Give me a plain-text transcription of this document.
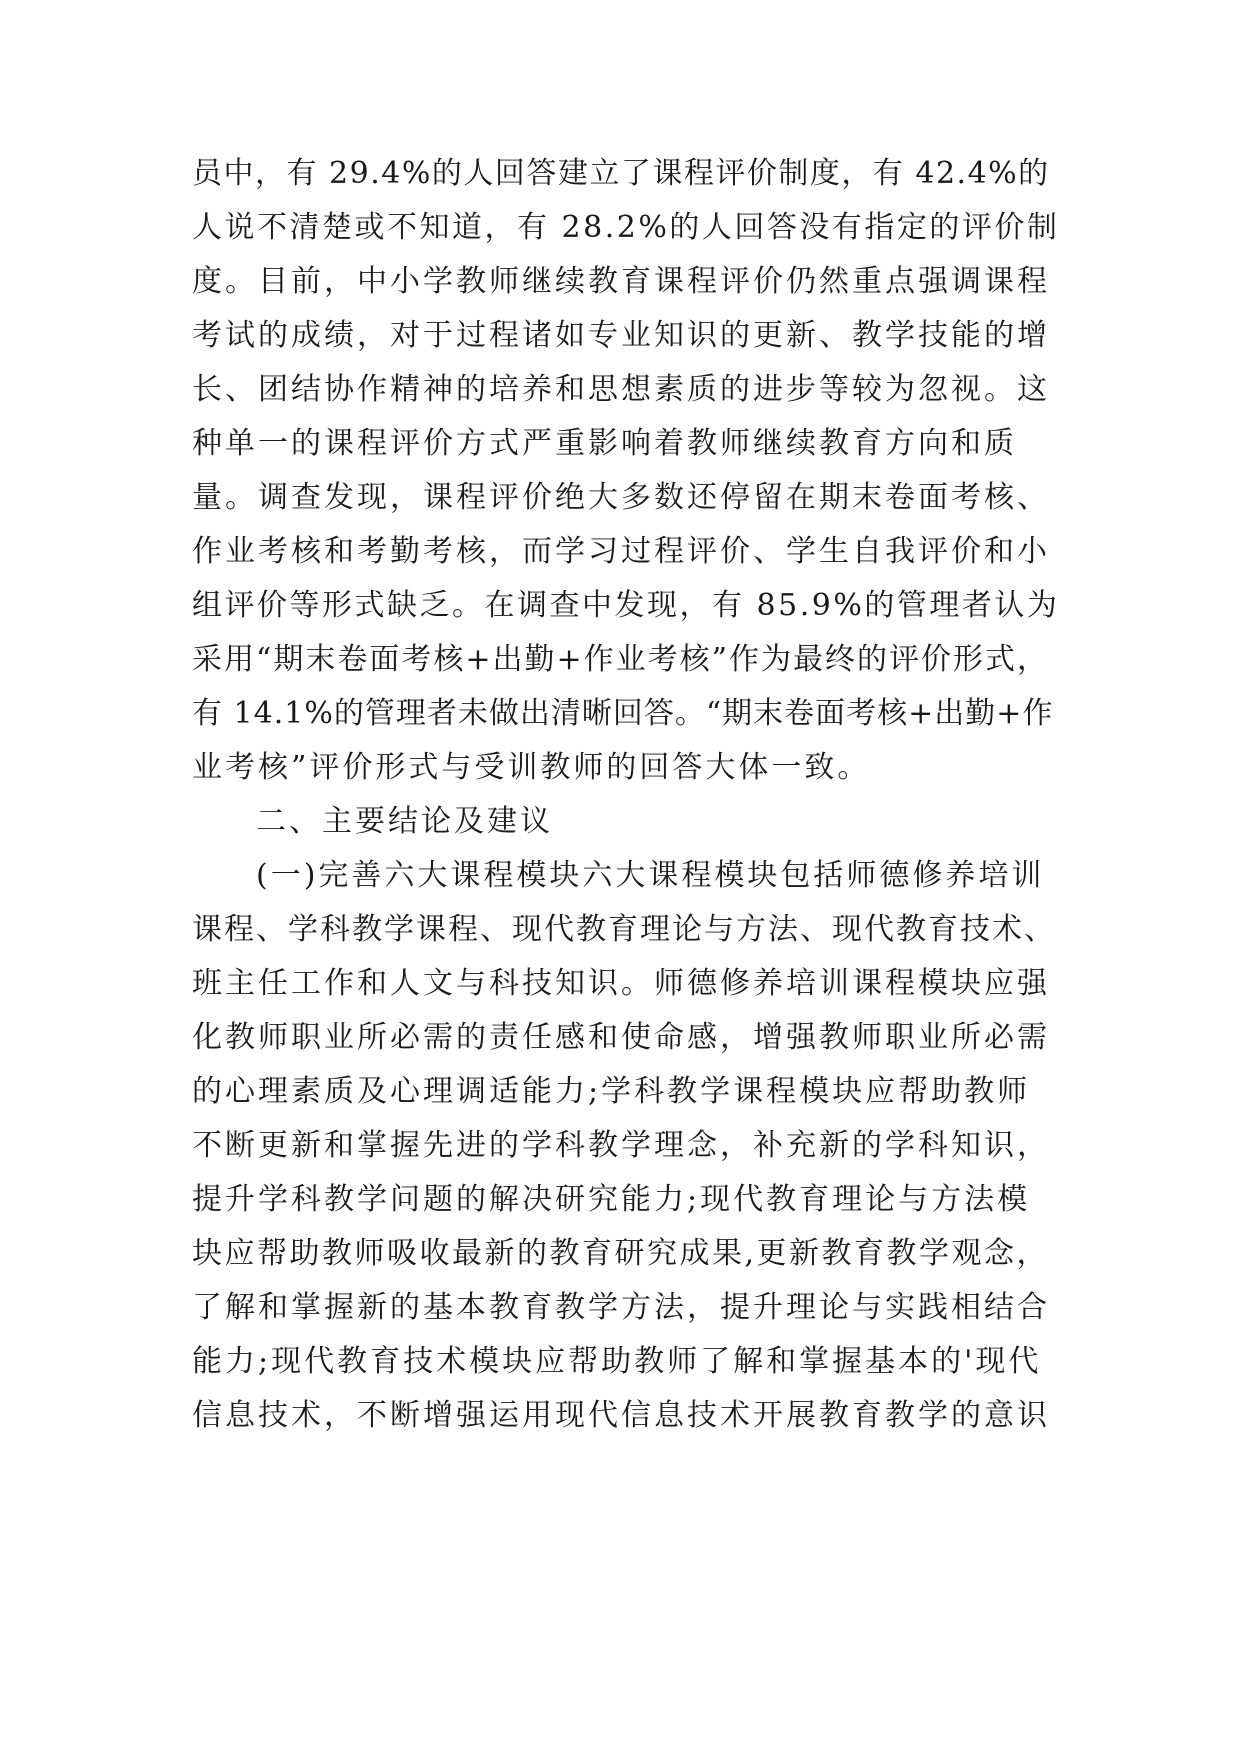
员中，有 29.4%的人回答建立了课程评价制度，有 42.4%的
人说不清楚或不知道，有 28.2%的人回答没有指定的评价制
度。目前，中小学教师继续教育课程评价仍然重点强调课程
考试的成绩，对于过程诸如专业知识的更新、教学技能的增
长、团结协作精神的培养和思想素质的进步等较为忽视。这
种单一的课程评价方式严重影响着教师继续教育方向和质
量。调查发现，课程评价绝大多数还停留在期末卷面考核、
作业考核和考勤考核，而学习过程评价、学生自我评价和小
组评价等形式缺乏。在调查中发现，有 85.9%的管理者认为
采用“期末卷面考核+出勤+作业考核”作为最终的评价形式，
有 14.1%的管理者未做出清晰回答。“期末卷面考核+出勤+作
业考核”评价形式与受训教师的回答大体一致。
二、主要结论及建议
(一)完善六大课程模块六大课程模块包括师德修养培训
课程、学科教学课程、现代教育理论与方法、现代教育技术、
班主任工作和人文与科技知识。师德修养培训课程模块应强
化教师职业所必需的责任感和使命感，增强教师职业所必需
的心理素质及心理调适能力;学科教学课程模块应帮助教师
不断更新和掌握先进的学科教学理念，补充新的学科知识，
提升学科教学问题的解决研究能力;现代教育理论与方法模
块应帮助教师吸收最新的教育研究成果,更新教育教学观念，
了解和掌握新的基本教育教学方法，提升理论与实践相结合
能力;现代教育技术模块应帮助教师了解和掌握基本的'现代
信息技术，不断增强运用现代信息技术开展教育教学的意识
